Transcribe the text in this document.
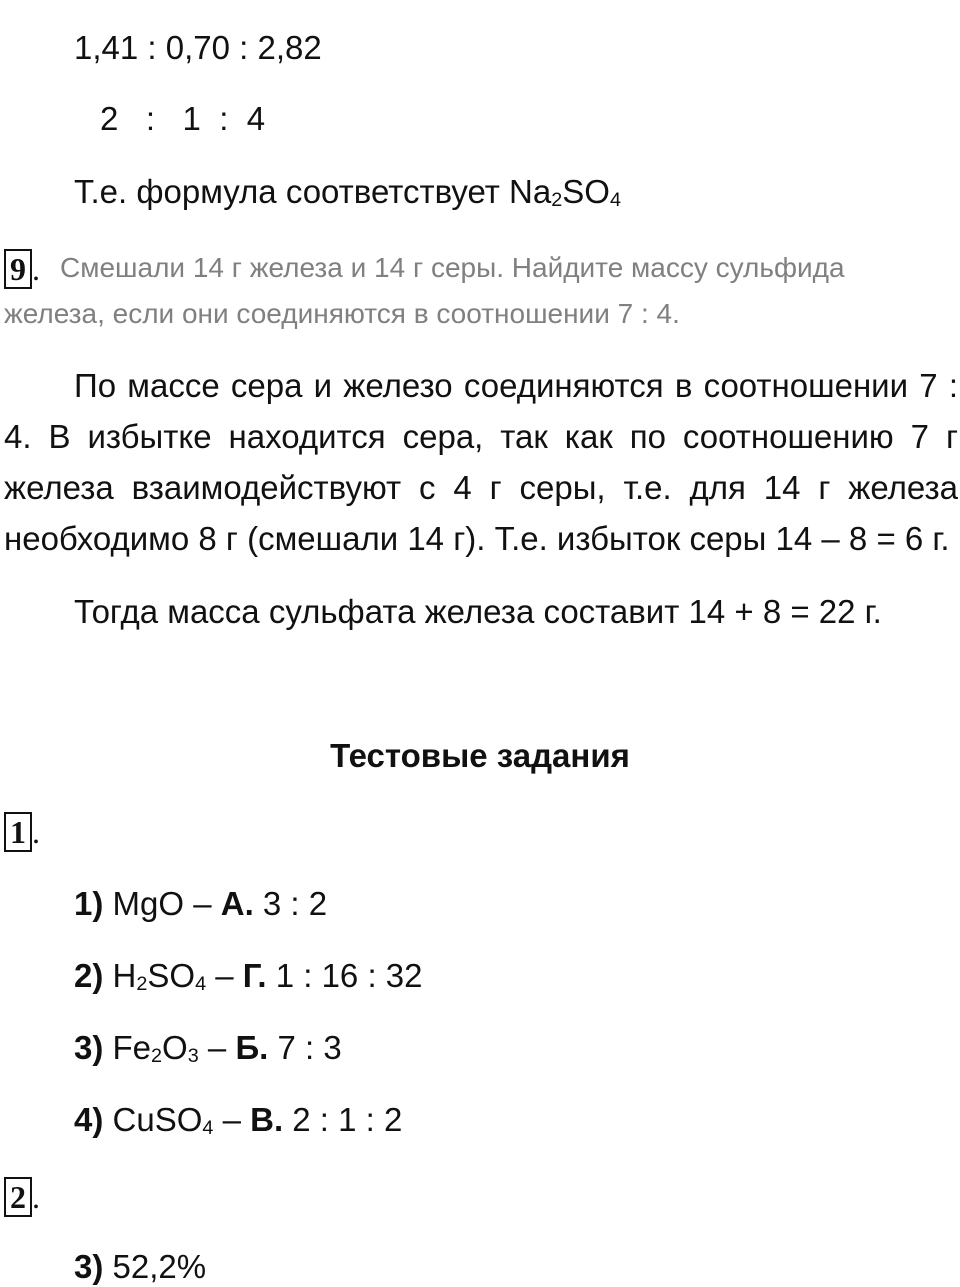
1,41 : 0,70 : 2,82
2   :   1  :  4
Т.е. формула соответствует Na2SO4
9 . Смешали 14 г железа и 14 г серы. Найдите массу сульфида
железа, если они соединяются в соотношении 7 : 4.
По массе сера и железо соединяются в соотношении 7 : 4. В избытке находится сера, так как по соотношению 7 г железа взаимодействуют с 4 г серы, т.е. для 14 г железа необходимо 8 г (смешали 14 г). Т.е. избыток серы 14 – 8 = 6 г.
Тогда масса сульфата железа составит 14 + 8 = 22 г.
Тестовые задания
1 .
1) MgO – А. 3 : 2
2) H2SO4 – Г. 1 : 16 : 32
3) Fe2O3 – Б. 7 : 3
4) CuSO4 – В. 2 : 1 : 2
2 .
3) 52,2%
